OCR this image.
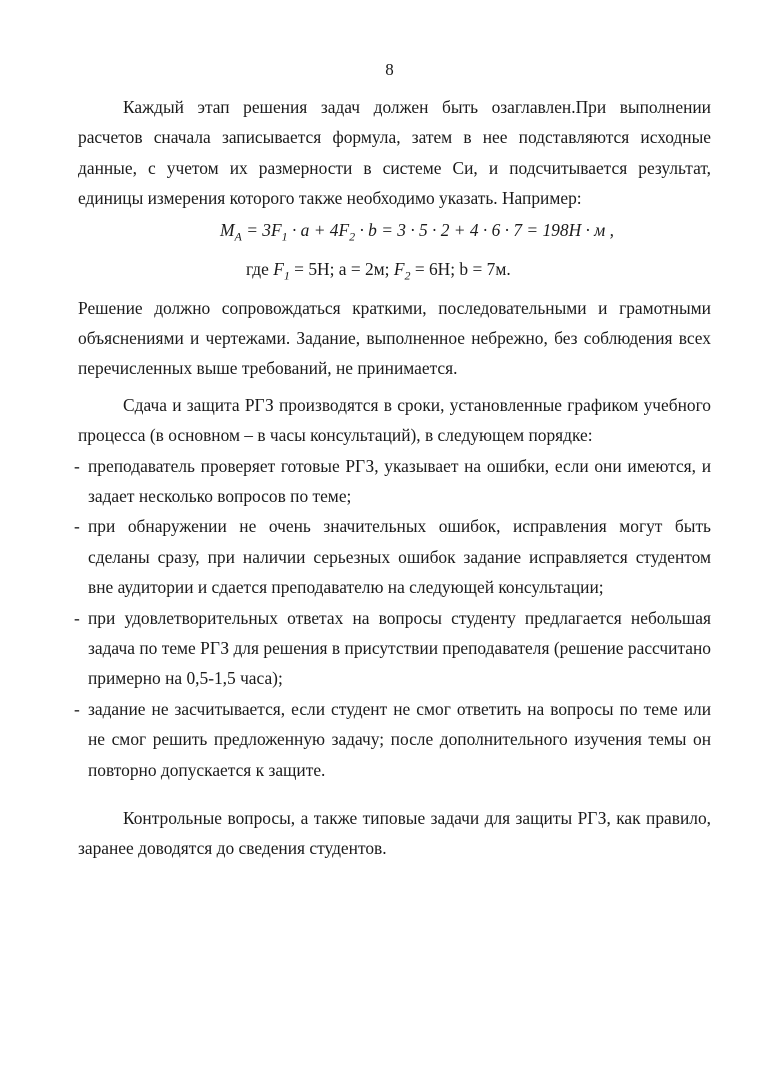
8

Каждый этап решения задач должен быть озаглавлен.При выполнении расчетов сначала записывается формула, затем в нее подставляются исходные данные, с учетом их размерности в системе Си, и подсчитывается результат, единицы измерения которого также необходимо указать. Например:

$M_A = 3F_1 \cdot a + 4F_2 \cdot b = 3 \cdot 5 \cdot 2 + 4 \cdot 6 \cdot 7 = 198H \cdot м$ ,
где $F_1 = 5H$; a = 2м; $F_2 = 6H$; b = 7м.

Решение должно сопровождаться краткими, последовательными и грамотными объяснениями и чертежами. Задание, выполненное небрежно, без соблюдения всех перечисленных выше требований, не принимается.

Сдача и защита РГЗ производятся в сроки, установленные графиком учебного процесса (в основном – в часы консультаций), в следующем порядке:

- преподаватель проверяет готовые РГЗ, указывает на ошибки, если они имеются, и задает несколько вопросов по теме;
- при обнаружении не очень значительных ошибок, исправления могут быть сделаны сразу, при наличии серьезных ошибок задание исправляется студентом вне аудитории и сдается преподавателю на следующей консультации;
- при удовлетворительных ответах на вопросы студенту предлагается небольшая задача по теме РГЗ для решения в присутствии преподавателя (решение рассчитано примерно на 0,5-1,5 часа);
- задание не засчитывается, если студент не смог ответить на вопросы по теме или не смог решить предложенную задачу; после дополнительного изучения темы он повторно допускается к защите.

Контрольные вопросы, а также типовые задачи для защиты РГЗ, как правило, заранее доводятся до сведения студентов.
